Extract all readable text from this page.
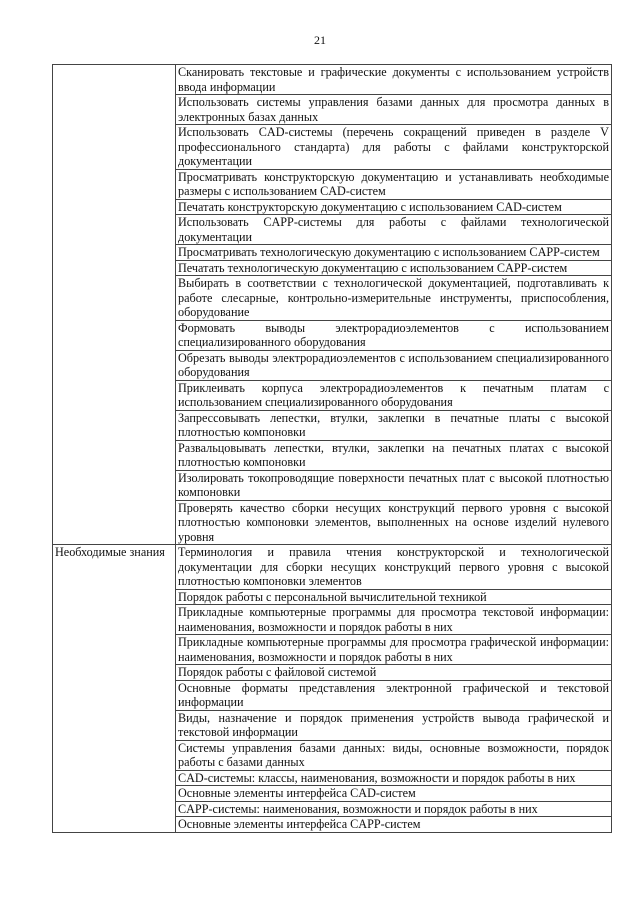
21
	Сканировать текстовые и графические документы с использованием устройств ввода информации
	Использовать системы управления базами данных для просмотра данных в электронных базах данных
	Использовать CAD-системы (перечень сокращений приведен в разделе V профессионального стандарта) для работы с файлами конструкторской документации
	Просматривать конструкторскую документацию и устанавливать необходимые размеры с использованием CAD-систем
	Печатать конструкторскую документацию с использованием CAD-систем
	Использовать CAPP-системы для работы с файлами технологической документации
	Просматривать технологическую документацию с использованием CAPP-систем
	Печатать технологическую документацию с использованием CAPP-систем
	Выбирать в соответствии с технологической документацией, подготавливать к работе слесарные, контрольно-измерительные инструменты, приспособления, оборудование
	Формовать выводы электрорадиоэлементов с использованием специализированного оборудования
	Обрезать выводы электрорадиоэлементов с использованием специализированного оборудования
	Приклеивать корпуса электрорадиоэлементов к печатным платам с использованием специализированного оборудования
	Запрессовывать лепестки, втулки, заклепки в печатные платы с высокой плотностью компоновки
	Развальцовывать лепестки, втулки, заклепки на печатных платах с высокой плотностью компоновки
	Изолировать токопроводящие поверхности печатных плат с высокой плотностью компоновки
	Проверять качество сборки несущих конструкций первого уровня с высокой плотностью компоновки элементов, выполненных на основе изделий нулевого уровня
Необходимые знания	Терминология и правила чтения конструкторской и технологической документации для сборки несущих конструкций первого уровня с высокой плотностью компоновки элементов
	Порядок работы с персональной вычислительной техникой
	Прикладные компьютерные программы для просмотра текстовой информации: наименования, возможности и порядок работы в них
	Прикладные компьютерные программы для просмотра графической информации: наименования, возможности и порядок работы в них
	Порядок работы с файловой системой
	Основные форматы представления электронной графической и текстовой информации
	Виды, назначение и порядок применения устройств вывода графической и текстовой информации
	Системы управления базами данных: виды, основные возможности, порядок работы с базами данных
	CAD-системы: классы, наименования, возможности и порядок работы в них
	Основные элементы интерфейса CAD-систем
	CAPP-системы: наименования, возможности и порядок работы в них
	Основные элементы интерфейса CAPP-систем
